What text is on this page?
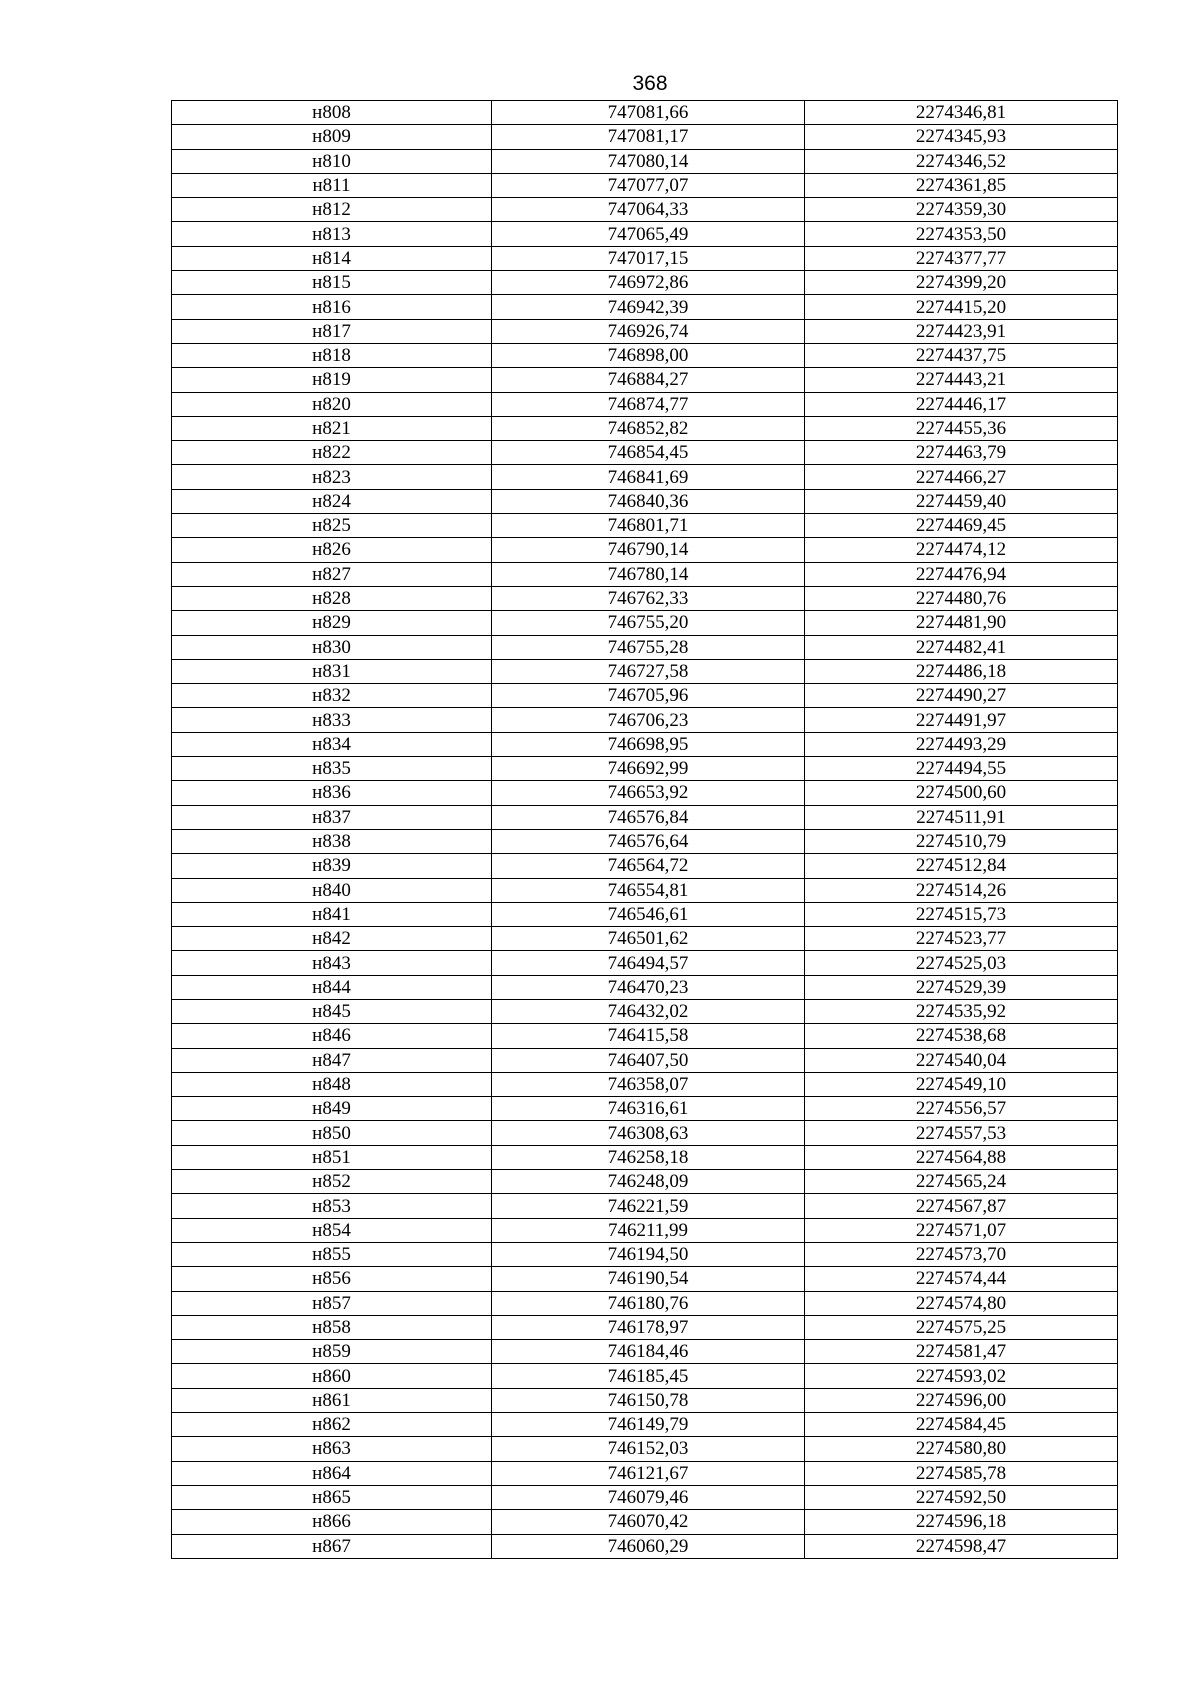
368
н808	747081,66	2274346,81
н809	747081,17	2274345,93
н810	747080,14	2274346,52
н811	747077,07	2274361,85
н812	747064,33	2274359,30
н813	747065,49	2274353,50
н814	747017,15	2274377,77
н815	746972,86	2274399,20
н816	746942,39	2274415,20
н817	746926,74	2274423,91
н818	746898,00	2274437,75
н819	746884,27	2274443,21
н820	746874,77	2274446,17
н821	746852,82	2274455,36
н822	746854,45	2274463,79
н823	746841,69	2274466,27
н824	746840,36	2274459,40
н825	746801,71	2274469,45
н826	746790,14	2274474,12
н827	746780,14	2274476,94
н828	746762,33	2274480,76
н829	746755,20	2274481,90
н830	746755,28	2274482,41
н831	746727,58	2274486,18
н832	746705,96	2274490,27
н833	746706,23	2274491,97
н834	746698,95	2274493,29
н835	746692,99	2274494,55
н836	746653,92	2274500,60
н837	746576,84	2274511,91
н838	746576,64	2274510,79
н839	746564,72	2274512,84
н840	746554,81	2274514,26
н841	746546,61	2274515,73
н842	746501,62	2274523,77
н843	746494,57	2274525,03
н844	746470,23	2274529,39
н845	746432,02	2274535,92
н846	746415,58	2274538,68
н847	746407,50	2274540,04
н848	746358,07	2274549,10
н849	746316,61	2274556,57
н850	746308,63	2274557,53
н851	746258,18	2274564,88
н852	746248,09	2274565,24
н853	746221,59	2274567,87
н854	746211,99	2274571,07
н855	746194,50	2274573,70
н856	746190,54	2274574,44
н857	746180,76	2274574,80
н858	746178,97	2274575,25
н859	746184,46	2274581,47
н860	746185,45	2274593,02
н861	746150,78	2274596,00
н862	746149,79	2274584,45
н863	746152,03	2274580,80
н864	746121,67	2274585,78
н865	746079,46	2274592,50
н866	746070,42	2274596,18
н867	746060,29	2274598,47
